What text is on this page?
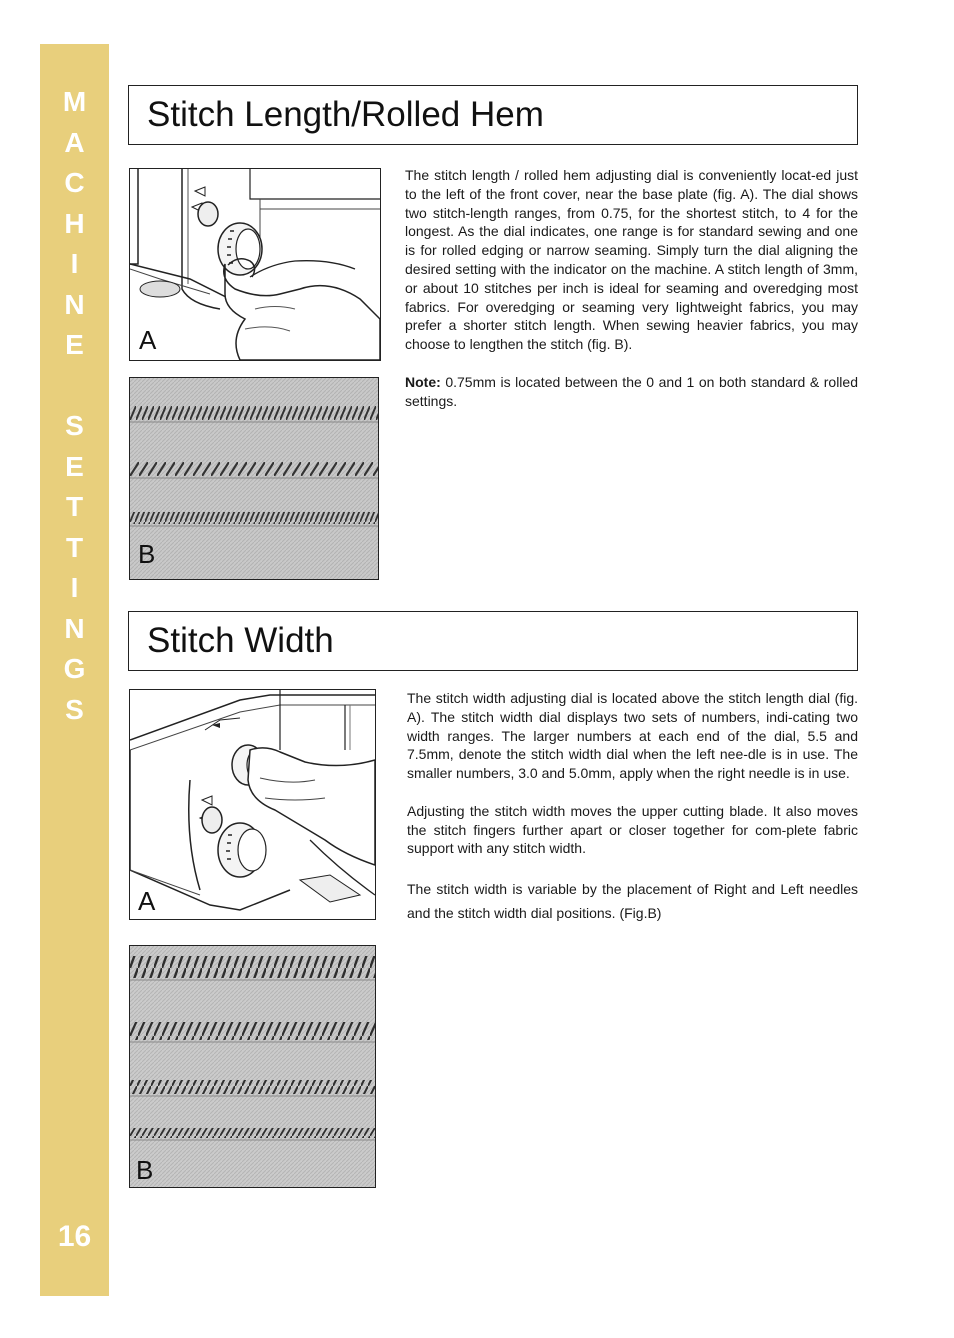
M
A
C
H
I
N
E
S
E
T
T
I
N
G
S
16
Stitch Length/Rolled Hem
A
B

The stitch length / rolled hem adjusting dial is conveniently locat-ed just to the left of the front cover, near the base plate (fig. A). The dial shows two stitch-length ranges, from 0.75, for the shortest stitch, to 4 for the longest. As the dial indicates, one range is for standard sewing and one is for rolled edging or narrow seaming. Simply turn the dial aligning the desired setting with the indicator on the machine. A stitch length of 3mm, or about 10 stitches per inch is ideal for seaming and overedging most fabrics. For overedging or seaming very lightweight fabrics, you may prefer a shorter stitch length. When sewing heavier fabrics, you may choose to lengthen the stitch (fig. B).

Note: 0.75mm is located between the 0 and 1 on both standard & rolled settings.

Stitch Width
A
B

The stitch width adjusting dial is located above the stitch length dial (fig. A). The stitch width dial displays two sets of numbers, indi-cating two width ranges. The larger numbers at each end of the dial, 5.5 and 7.5mm, denote the stitch width dial when the left nee-dle is in use. The smaller numbers, 3.0 and 5.0mm, apply when the right needle is in use.

Adjusting the stitch width moves the upper cutting blade. It also moves the stitch fingers further apart or closer together for com-plete fabric support with any stitch width.

The stitch width is variable by the placement of Right and Left needles and the stitch width dial positions. (Fig.B)
